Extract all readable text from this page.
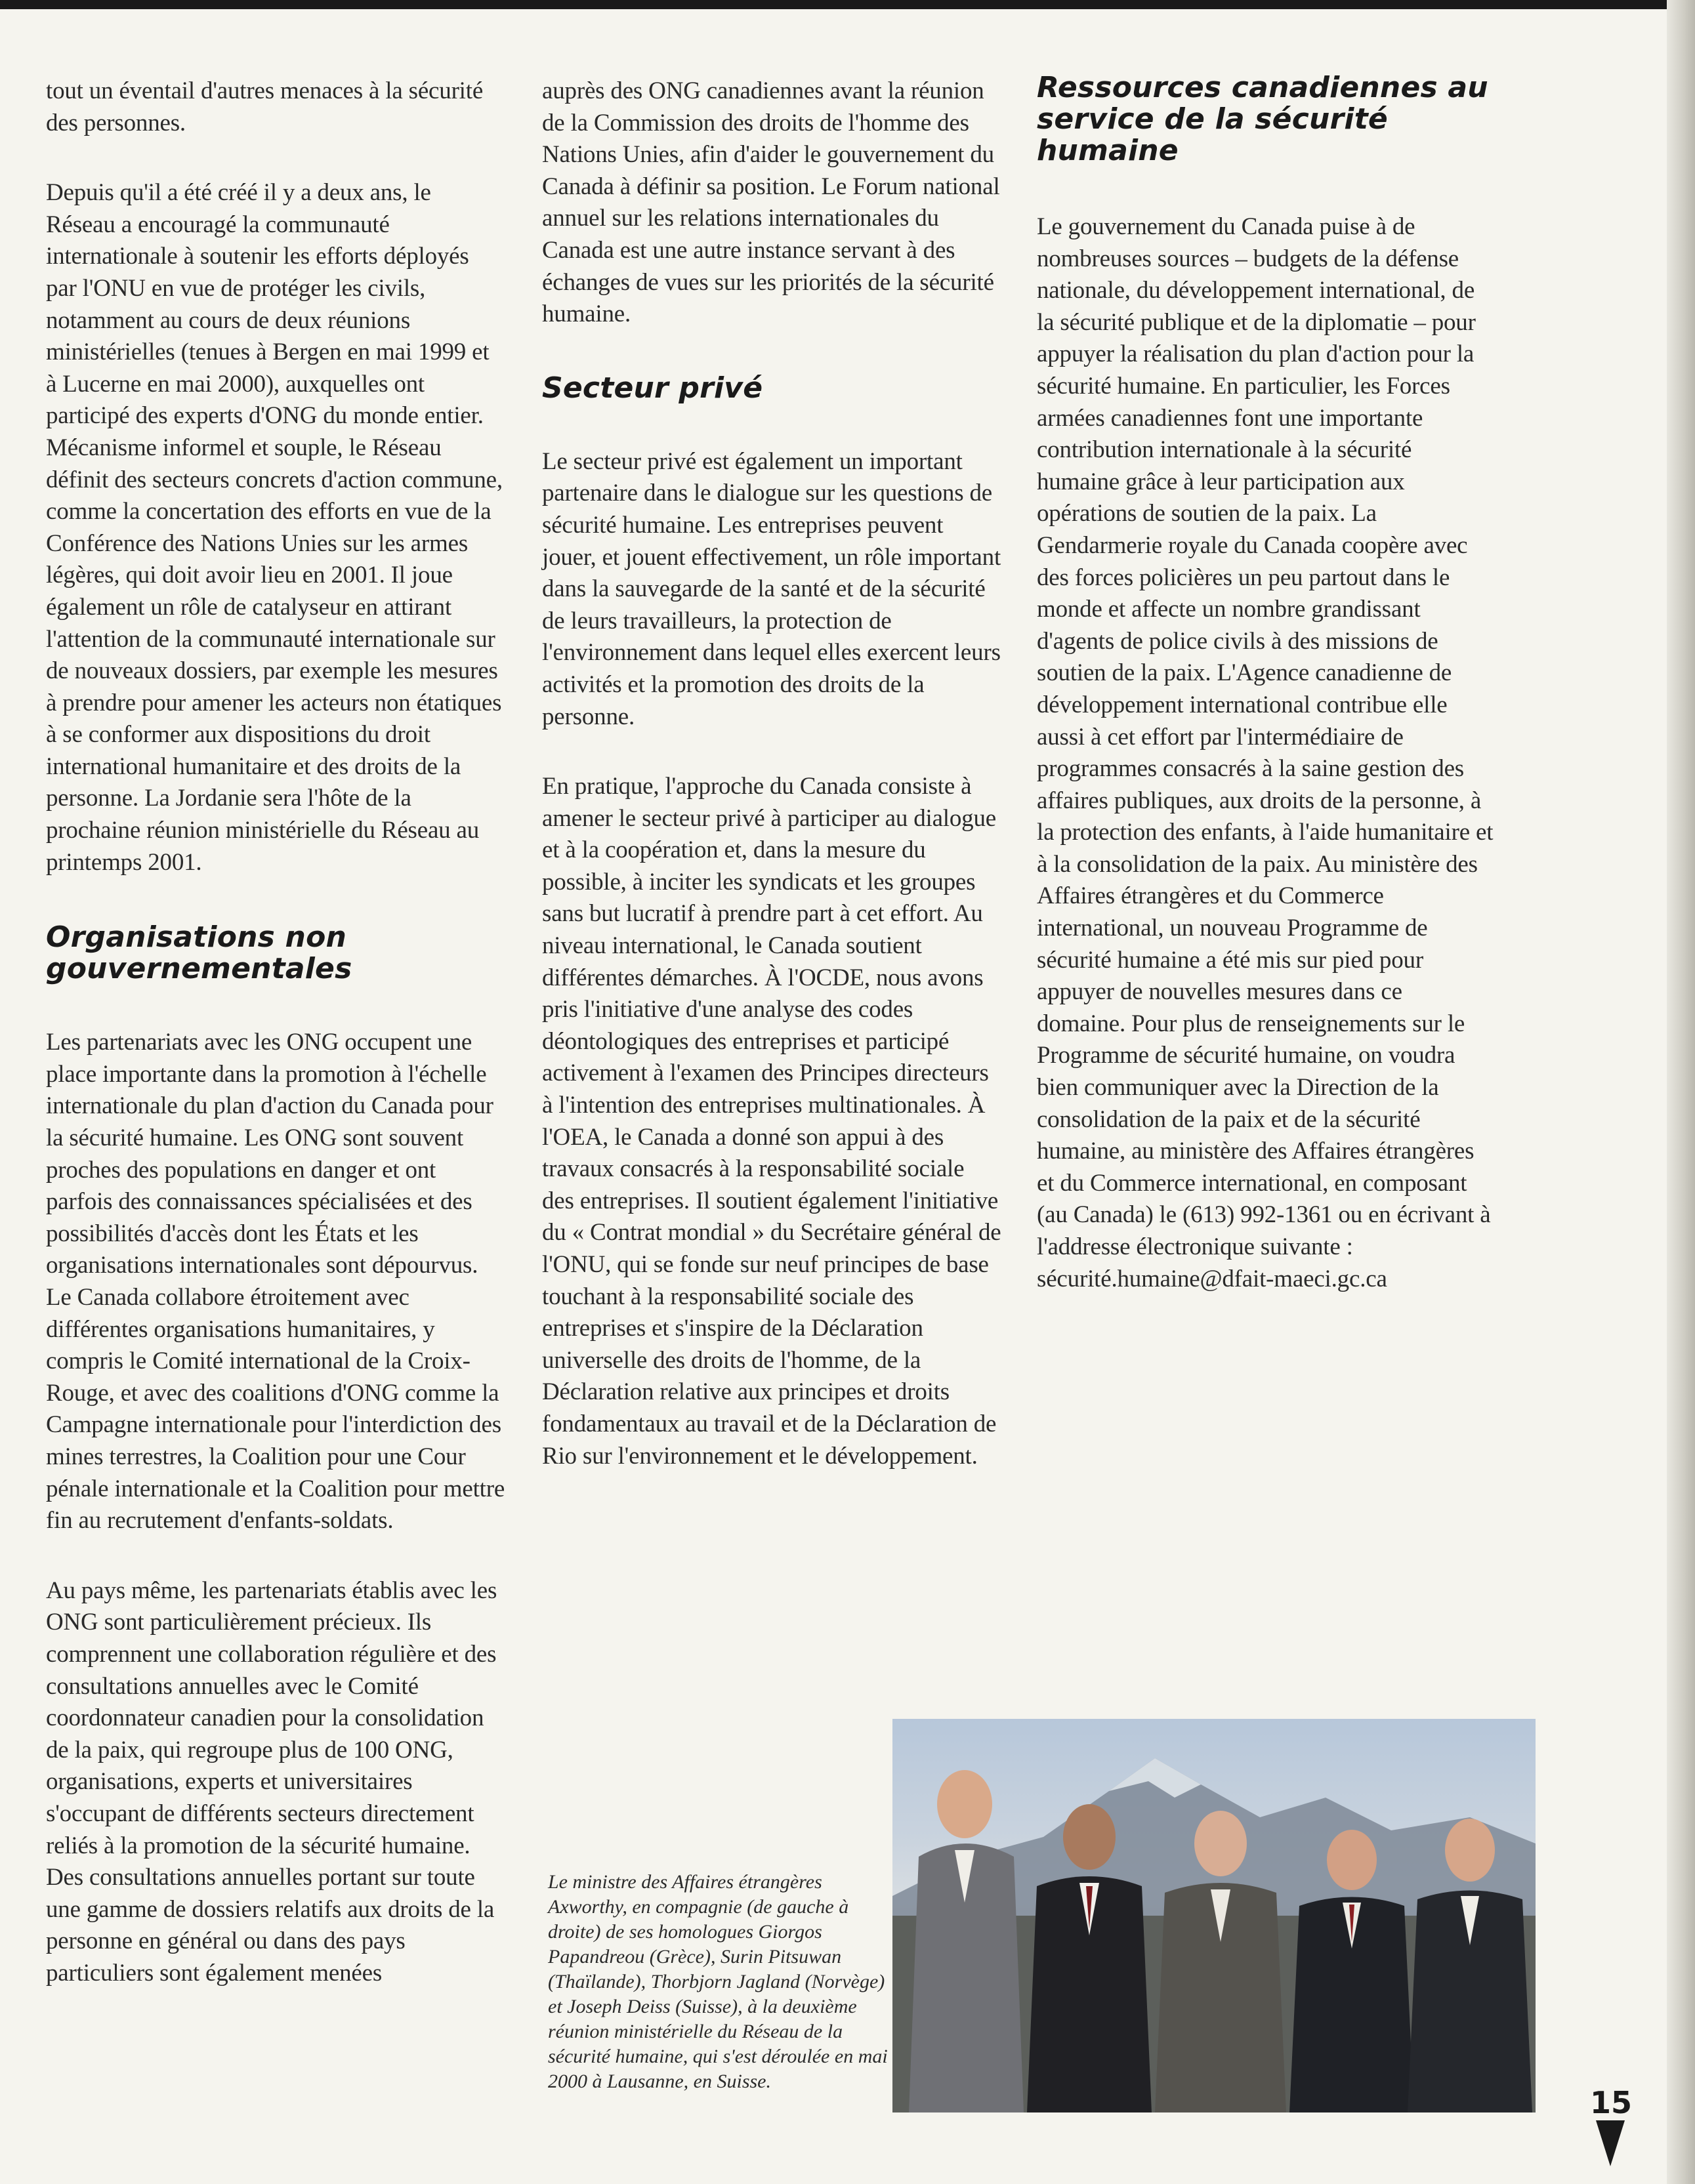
tout un éventail d'autres menaces à la sécurité des personnes.

Depuis qu'il a été créé il y a deux ans, le Réseau a encouragé la communauté internationale à soutenir les efforts déployés par l'ONU en vue de protéger les civils, notamment au cours de deux réunions ministérielles (tenues à Bergen en mai 1999 et à Lucerne en mai 2000), auxquelles ont participé des experts d'ONG du monde entier. Mécanisme informel et souple, le Réseau définit des secteurs concrets d'action commune, comme la concertation des efforts en vue de la Conférence des Nations Unies sur les armes légères, qui doit avoir lieu en 2001. Il joue également un rôle de catalyseur en attirant l'attention de la communauté internationale sur de nouveaux dossiers, par exemple les mesures à prendre pour amener les acteurs non étatiques à se conformer aux dispositions du droit international humanitaire et des droits de la personne. La Jordanie sera l'hôte de la prochaine réunion ministérielle du Réseau au printemps 2001.

Organisations non gouvernementales

Les partenariats avec les ONG occupent une place importante dans la promotion à l'échelle internationale du plan d'action du Canada pour la sécurité humaine. Les ONG sont souvent proches des populations en danger et ont parfois des connaissances spécialisées et des possibilités d'accès dont les États et les organisations internationales sont dépourvus. Le Canada collabore étroitement avec différentes organisations humanitaires, y compris le Comité international de la Croix-Rouge, et avec des coalitions d'ONG comme la Campagne internationale pour l'interdiction des mines terrestres, la Coalition pour une Cour pénale internationale et la Coalition pour mettre fin au recrutement d'enfants-soldats.

Au pays même, les partenariats établis avec les ONG sont particulièrement précieux. Ils comprennent une collaboration régulière et des consultations annuelles avec le Comité coordonnateur canadien pour la consolidation de la paix, qui regroupe plus de 100 ONG, organisations, experts et universitaires s'occupant de différents secteurs directement reliés à la promotion de la sécurité humaine. Des consultations annuelles portant sur toute une gamme de dossiers relatifs aux droits de la personne en général ou dans des pays particuliers sont également menées

auprès des ONG canadiennes avant la réunion de la Commission des droits de l'homme des Nations Unies, afin d'aider le gouvernement du Canada à définir sa position. Le Forum national annuel sur les relations internationales du Canada est une autre instance servant à des échanges de vues sur les priorités de la sécurité humaine.

Secteur privé

Le secteur privé est également un important partenaire dans le dialogue sur les questions de sécurité humaine. Les entreprises peuvent jouer, et jouent effectivement, un rôle important dans la sauvegarde de la santé et de la sécurité de leurs travailleurs, la protection de l'environnement dans lequel elles exercent leurs activités et la promotion des droits de la personne.

En pratique, l'approche du Canada consiste à amener le secteur privé à participer au dialogue et à la coopération et, dans la mesure du possible, à inciter les syndicats et les groupes sans but lucratif à prendre part à cet effort. Au niveau international, le Canada soutient différentes démarches. À l'OCDE, nous avons pris l'initiative d'une analyse des codes déontologiques des entreprises et participé activement à l'examen des Principes directeurs à l'intention des entreprises multinationales. À l'OEA, le Canada a donné son appui à des travaux consacrés à la responsabilité sociale des entreprises. Il soutient également l'initiative du « Contrat mondial » du Secrétaire général de l'ONU, qui se fonde sur neuf principes de base touchant à la responsabilité sociale des entreprises et s'inspire de la Déclaration universelle des droits de l'homme, de la Déclaration relative aux principes et droits fondamentaux au travail et de la Déclaration de Rio sur l'environnement et le développement.

Ressources canadiennes au service de la sécurité humaine

Le gouvernement du Canada puise à de nombreuses sources – budgets de la défense nationale, du développement international, de la sécurité publique et de la diplomatie – pour appuyer la réalisation du plan d'action pour la sécurité humaine. En particulier, les Forces armées canadiennes font une importante contribution internationale à la sécurité humaine grâce à leur participation aux opérations de soutien de la paix. La Gendarmerie royale du Canada coopère avec des forces policières un peu partout dans le monde et affecte un nombre grandissant d'agents de police civils à des missions de soutien de la paix. L'Agence canadienne de développement international contribue elle aussi à cet effort par l'intermédiaire de programmes consacrés à la saine gestion des affaires publiques, aux droits de la personne, à la protection des enfants, à l'aide humanitaire et à la consolidation de la paix. Au ministère des Affaires étrangères et du Commerce international, un nouveau Programme de sécurité humaine a été mis sur pied pour appuyer de nouvelles mesures dans ce domaine. Pour plus de renseignements sur le Programme de sécurité humaine, on voudra bien communiquer avec la Direction de la consolidation de la paix et de la sécurité humaine, au ministère des Affaires étrangères et du Commerce international, en composant (au Canada) le (613) 992-1361 ou en écrivant à l'addresse électronique suivante : sécurité.humaine@dfait-maeci.gc.ca

Le ministre des Affaires étrangères Axworthy, en compagnie (de gauche à droite) de ses homologues Giorgos Papandreou (Grèce), Surin Pitsuwan (Thaïlande), Thorbjorn Jagland (Norvège) et Joseph Deiss (Suisse), à la deuxième réunion ministérielle du Réseau de la sécurité humaine, qui s'est déroulée en mai 2000 à Lausanne, en Suisse.

15
